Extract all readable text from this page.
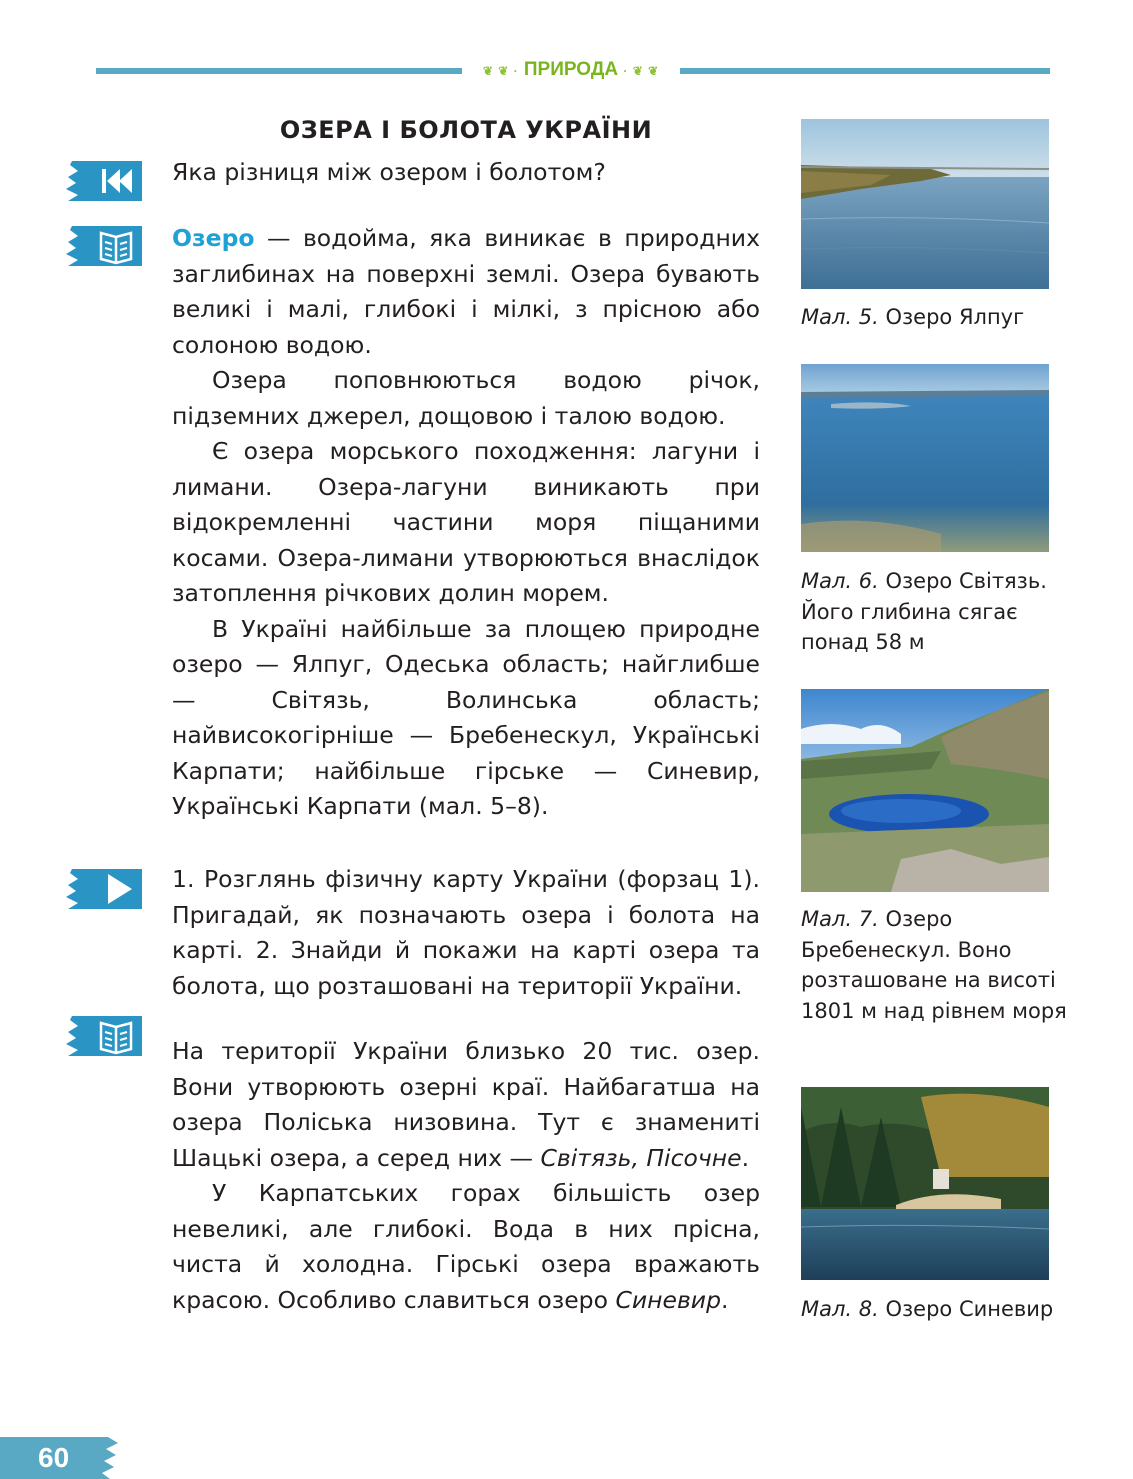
❦ ❦ · ПРИРОДА · ❦ ❦
ОЗЕРА І БОЛОТА УКРАЇНИ
Яка різниця між озером і болотом?

Озеро — водойма, яка виникає в природних заглибинах на поверхні землі. Озера бувають великі і малі, глибокі і мілкі, з прісною або солоною водою.

Озера поповнюються водою річок, підземних джерел, дощовою і талою водою.

Є озера морського походження: лагуни і лимани. Озера-лагуни виникають при відокремленні частини моря піщаними косами. Озера-лимани утворюються внаслідок затоплення річкових долин морем.

В Україні найбільше за площею природне озеро — Ялпуг, Одеська область; найглибше — Світязь, Волинська область; найвисокогірніше — Бребенескул, Українські Карпати; найбільше гірське — Синевир, Українські Карпати (мал. 5–8).

1. Розглянь фізичну карту України (форзац 1). Пригадай, як позначають озера і болота на карті. 2. Знайди й покажи на карті озера та болота, що розташовані на території України.

На території України близько 20 тис. озер. Вони утворюють озерні краї. Найбагатша на озера Поліська низовина. Тут є знамениті Шацькі озера, а серед них — Світязь, Пісочне.

У Карпатських горах більшість озер невеликі, але глибокі. Вода в них прісна, чиста й холодна. Гірські озера вражають красою. Особливо славиться озеро Синевир.

Мал. 5. Озеро Ялпуг
Мал. 6. Озеро Світязь. Його глибина сягає понад 58 м
Мал. 7. Озеро Бребенескул. Воно розташоване на висоті 1801 м над рівнем моря
Мал. 8. Озеро Синевир
60
